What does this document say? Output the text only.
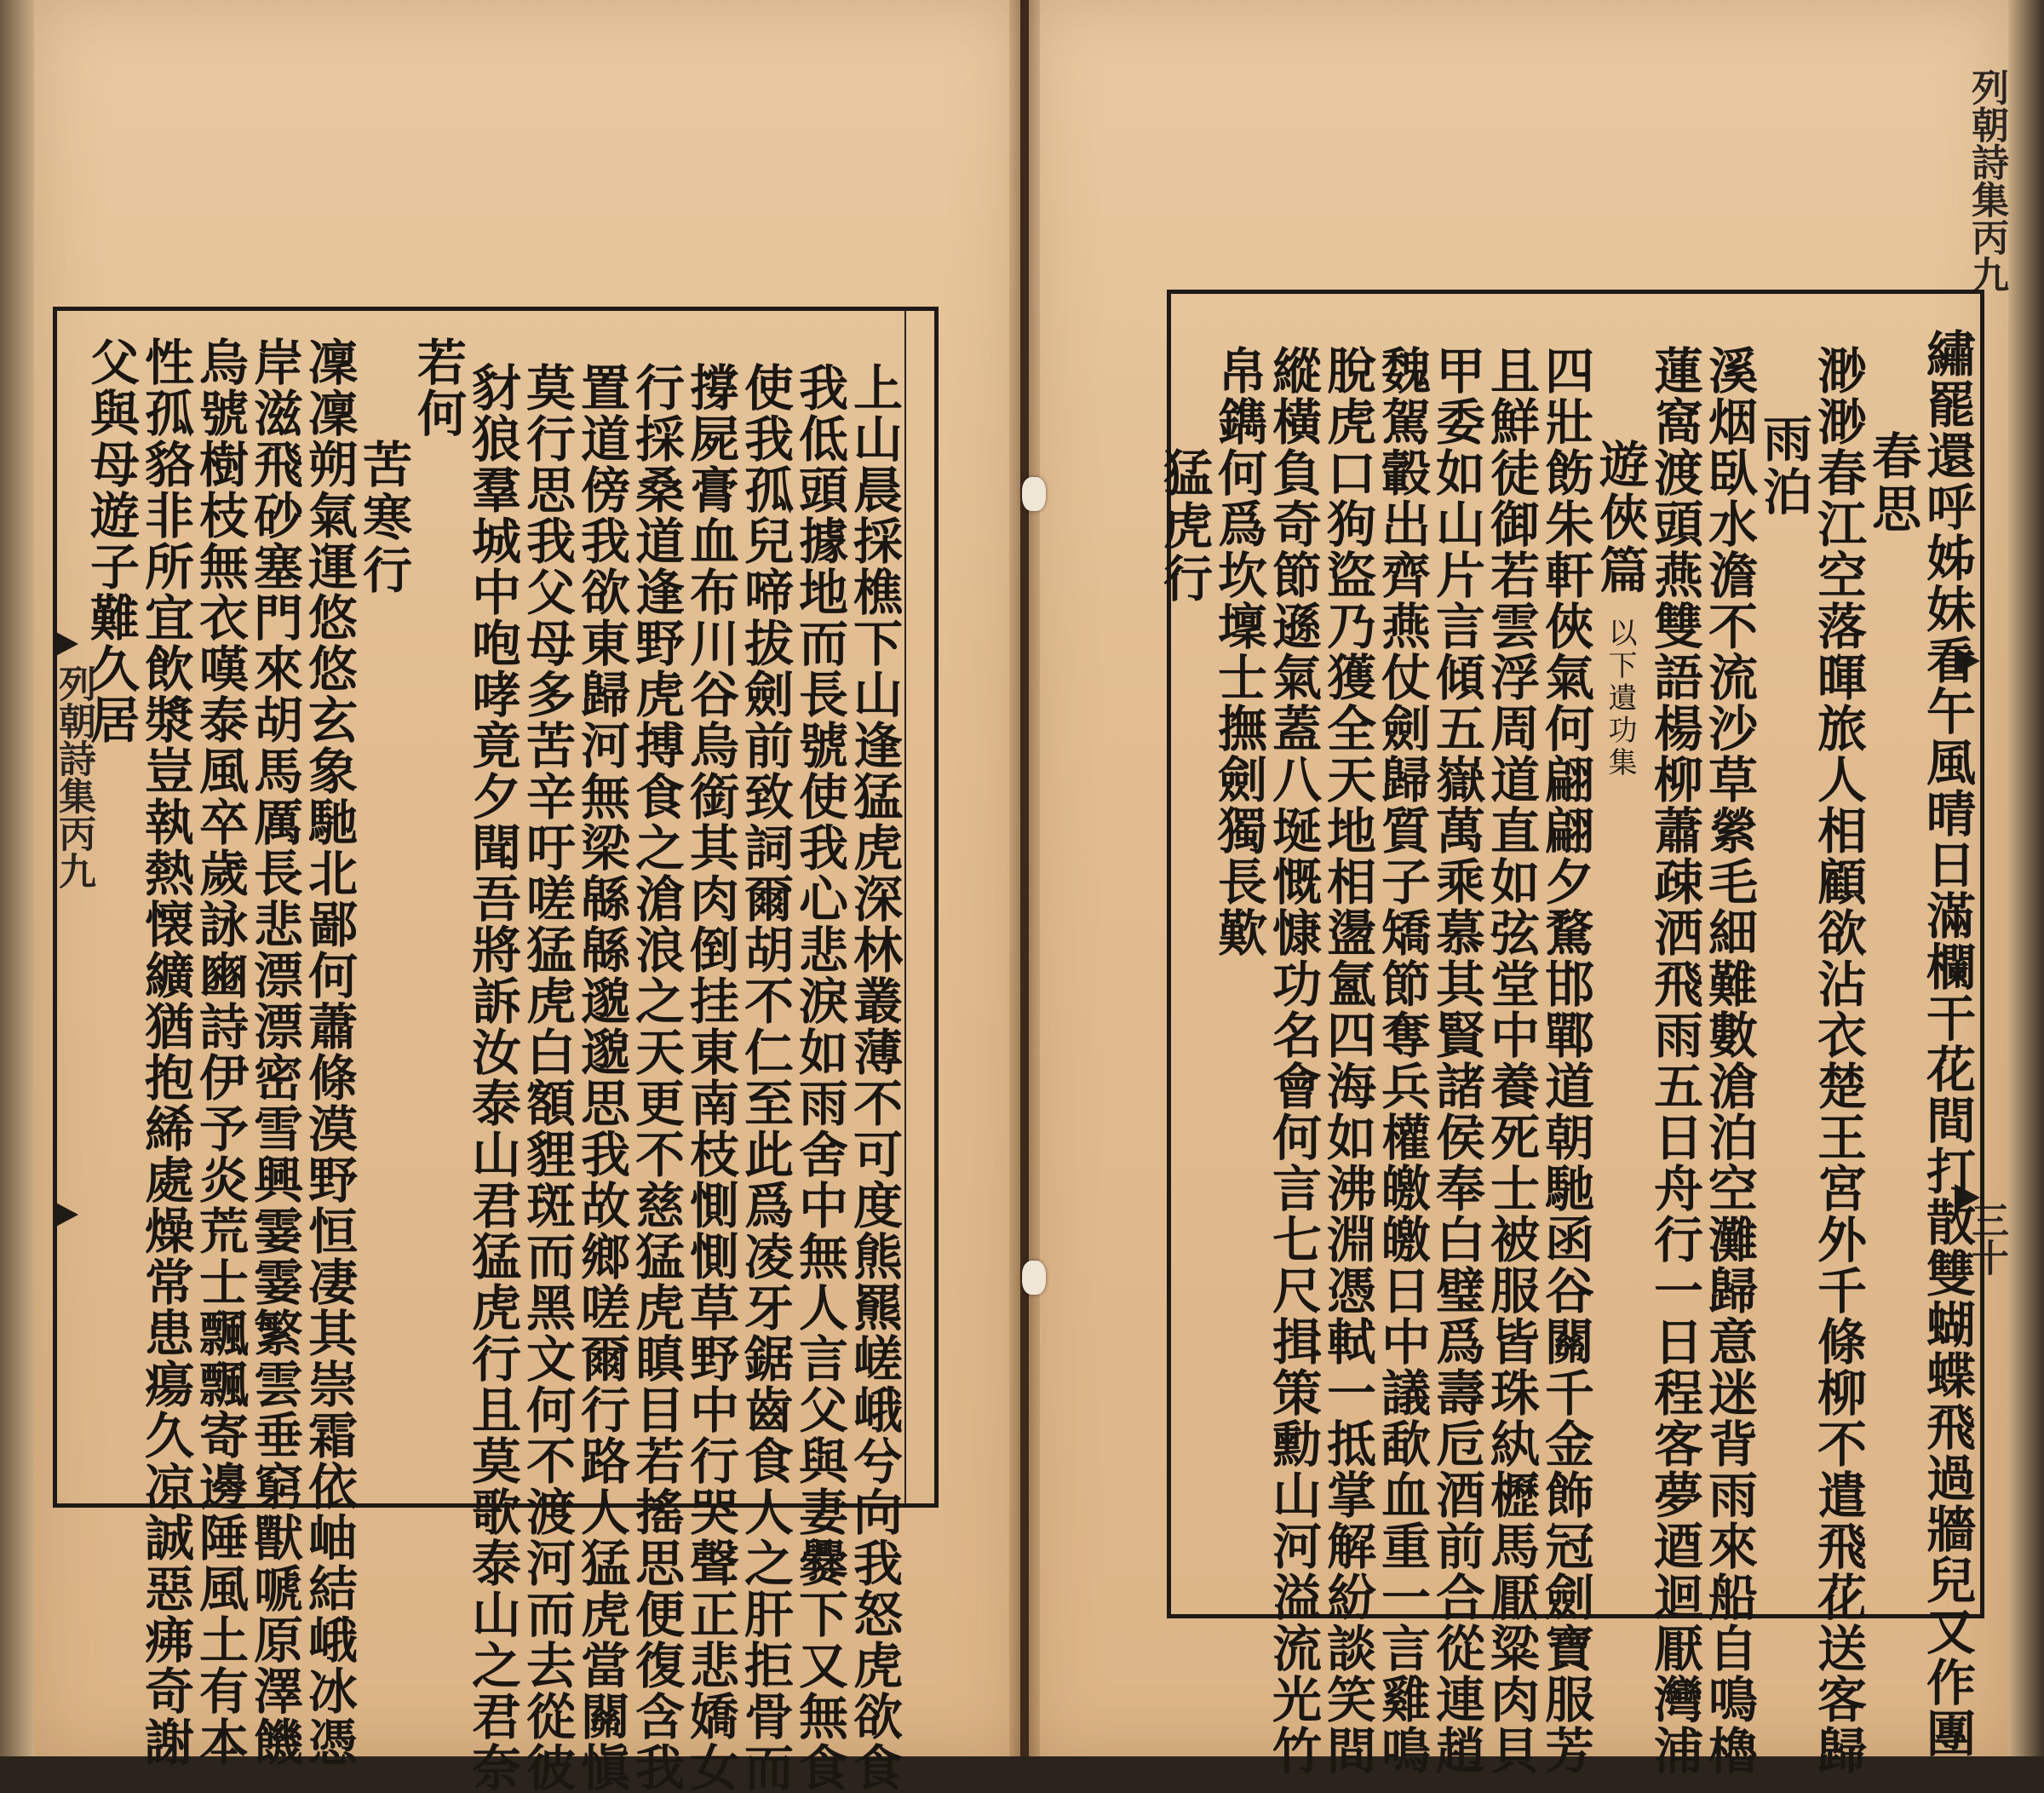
列朝詩集丙九	上山晨採樵下山逢猛虎深林叢薄不可度熊羆嵯峨兮向我怒虎欲食
我低頭據地而長號使我心悲淚如雨舍中無人言父與妻爨下又無食
使我孤兒啼拔劍前致詞爾胡不仁至此爲凌牙鋸齒食人之肝拒骨而
撐屍膏血布川谷烏銜其肉倒挂東南枝惻惻草野中行哭聲正悲嬌女
行採桑道逢野虎搏食之滄浪之天更不慈猛虎瞋目若搖思便復含我
置道傍我欲東歸河無梁緜緜邈邈思我故鄉嗟爾行路人猛虎當關愼
莫行思我父母多苦辛吁嗟猛虎白額貍斑而黑文何不渡河而去從彼
豺狼羣城中咆哮竟夕聞吾將訴汝泰山君猛虎行且莫歌泰山之君奈
若何
苦寒行
凜凜朔氣運悠悠玄象馳北鄙何蕭條漠野恒凄其崇霜依岫結峨冰憑
岸滋飛砂塞門來胡馬厲長悲漂漂密雪興霎霎繁雲垂窮獸嗁原澤饑
烏號樹枝無衣嘆泰風卒歲詠豳詩伊予炎荒士飄飄寄邊陲風土有本
性孤貉非所宜飲漿豈執熱懐纊猶抱絺處燥常患瘍久凉誠惡疿奇謝
父與母遊子難久居
列朝詩集丙九
三十
繡罷還呼姊妹看午風晴日滿欄干花間打散雙蝴蝶飛過牆兒又作團
春思
渺渺春江空落暉旅人相顧欲沾衣楚王宮外千條柳不遣飛花送客歸
雨泊
溪烟臥水澹不流沙草縈毛細難數滄泊空灘歸意迷背雨來船自鳴櫓
蓮窩渡頭燕雙語楊柳蕭疎洒飛雨五日舟行一日程客夢逎迴厭灣浦
遊俠篇
以下遺功集
四壯飭朱軒俠氣何翩翩夕騖邯鄲道朝馳函谷關千金飾冠劍寶服芳
且鮮徒御若雲浮周道直如弦堂中養死士被服皆珠紈櫪馬厭粱肉貝
甲委如山片言傾五嶽萬乘慕其賢諸侯奉白璧爲壽卮酒前合從連趙
魏駕轂出齊燕仗劍歸質子矯節奪兵權皦皦日中議歃血重一言雞鳴
脫虎口狗盜乃獲全天地相盪氳四海如沸淵憑軾一抵掌解紛談笑間
縱橫負奇節遜氣蓋八埏慨慷功名會何言七尺揖策勳山河溢流光竹
帛鐫何爲坎壈士撫劍獨長歎
猛虎行
